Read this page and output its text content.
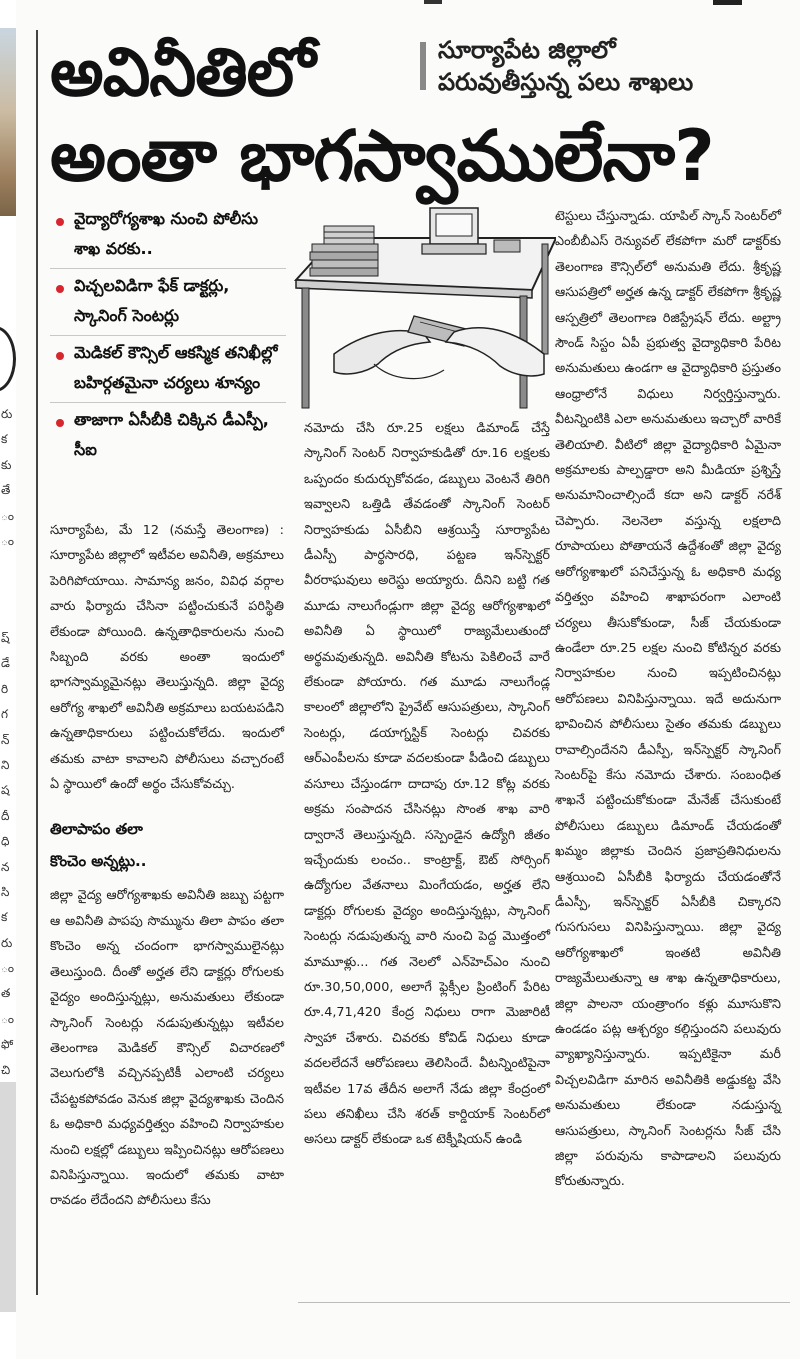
రు
క
కు
తే
ం
ం
ష్
డే
రి
గ
న్
ని
ష
దీ
ధి
న
సి
క
రు
ం
త
ం
ఫో
చి
అవినీతిలో
అంతా భాగస్వాములేనా?
సూర్యాపేట జిల్లాలో
పరువుతీస్తున్న పలు శాఖలు
వైద్యారోగ్యశాఖ నుంచి పోలీసు శాఖ వరకు..
విచ్చలవిడిగా ఫేక్ డాక్టర్లు, స్కానింగ్ సెంటర్లు
మెడికల్ కౌన్సిల్ ఆకస్మిక తనిఖీల్లో బహిర్గతమైనా చర్యలు శూన్యం
తాజాగా ఏసీబీకి చిక్కిన డీఎస్పీ, సీఐ

సూర్యాపేట, మే 12 (నమస్తే తెలంగాణ) : సూర్యాపేట జిల్లాలో ఇటీవల అవినీతి, అక్రమాలు పెరిగిపోయాయి. సామాన్య జనం, వివిధ వర్గాల వారు ఫిర్యాదు చేసినా పట్టించుకునే పరిస్థితి లేకుండా పోయింది. ఉన్నతాధికారులను నుంచి సిబ్బంది వరకు అంతా ఇందులో భాగస్వామ్యమైనట్లు తెలుస్తున్నది. జిల్లా వైద్య ఆరోగ్య శాఖలో అవినీతి అక్రమాలు బయటపడిని ఉన్నతాధికారులు పట్టించుకోలేదు. ఇందులో తమకు వాటా కావాలని పోలీసులు వచ్చారంటే ఏ స్థాయిలో ఉందో అర్థం చేసుకోవచ్చు.

తిలాపాపం తలా
కొంచెం అన్నట్లు..

జిల్లా వైద్య ఆరోగ్యశాఖకు అవినీతి జబ్బు పట్టగా ఆ అవినీతి పాపపు సొమ్మును తిలా పాపం తలా కొంచెం అన్న చందంగా భాగస్వాములైనట్లు తెలుస్తుంది. దీంతో అర్హత లేని డాక్టర్లు రోగులకు వైద్యం అందిస్తున్నట్లు, అనుమతులు లేకుండా స్కానింగ్ సెంటర్లు నడుపుతున్నట్లు ఇటీవల తెలంగాణ మెడికల్ కౌన్సిల్ విచారణలో వెలుగులోకి వచ్చినప్పటికీ ఎలాంటి చర్యలు చేపట్టకపోవడం వెనుక జిల్లా వైద్యశాఖకు చెందిన ఓ అధికారి మధ్యవర్తిత్వం వహించి నిర్వాహకుల నుంచి లక్షల్లో డబ్బులు ఇప్పించినట్లు ఆరోపణలు వినిపిస్తున్నాయి. ఇందులో తమకు వాటా రావడం లేదేందని పోలీసులు కేసు

నమోదు చేసి రూ.25 లక్షలు డిమాండ్ చేస్తే స్కానింగ్ సెంటర్ నిర్వాహకుడితో రూ.16 లక్షలకు ఒప్పందం కుదుర్చుకోవడం, డబ్బులు వెంటనే తిరిగి ఇవ్వాలని ఒత్తిడి తేవడంతో స్కానింగ్ సెంటర్ నిర్వాహకుడు ఏసీబీని ఆశ్రయిస్తే సూర్యాపేట డీఎస్పీ పార్థసారధి, పట్టణ ఇన్‌స్పెక్టర్ వీరరాఘవులు అరెస్టు అయ్యారు. దీనిని బట్టి గత మూడు నాలుగేండ్లుగా జిల్లా వైద్య ఆరోగ్యశాఖలో అవినీతి ఏ స్థాయిలో రాజ్యమేలుతుందో అర్థమవుతున్నది. అవినీతి కోటను పెకిలించే వారే లేకుండా పోయారు. గత మూడు నాలుగేండ్ల కాలంలో జిల్లాలోని ప్రైవేట్ ఆసుపత్రులు, స్కానింగ్ సెంటర్లు, డయాగ్నస్టిక్ సెంటర్లు చివరకు ఆర్‌ఎంపీలను కూడా వదలకుండా పీడించి డబ్బులు వసూలు చేస్తుండగా దాదాపు రూ.12 కోట్ల వరకు అక్రమ సంపాదన చేసినట్లు సొంత శాఖ వారి ద్వారానే తెలుస్తున్నది. సస్పెండైన ఉద్యోగి జీతం ఇచ్చేందుకు లంచం.. కాంట్రాక్ట్, ఔట్ సోర్సింగ్ ఉద్యోగుల వేతనాలు మింగేయడం, అర్హత లేని డాక్టర్లు రోగులకు వైద్యం అందిస్తున్నట్లు, స్కానింగ్ సెంటర్లు నడుపుతున్న వారి నుంచి పెద్ద మొత్తంలో మామూళ్లు... గత నెలలో ఎన్‌హెచ్‌ఎం నుంచి రూ.30,50,000, అలాగే ఫ్లెక్సీల ప్రింటింగ్ పేరిట రూ.4,71,420 కేంద్ర నిధులు రాగా మెజారిటీ స్వాహా చేశారు. చివరకు కోవిడ్ నిధులు కూడా వదలలేదనే ఆరోపణలు తెలిసిందే. వీటన్నింటిపైనా ఇటీవల 17వ తేదీన అలాగే నేడు జిల్లా కేంద్రంలో పలు తనిఖీలు చేసి శరత్ కార్డియాక్ సెంటర్‌లో అసలు డాక్టర్ లేకుండా ఒక టెక్నీషియన్ ఉండి

టెస్టులు చేస్తున్నాడు. యాపిల్ స్కాన్ సెంటర్‌లో ఎంబీబీఎస్ రెన్యువల్ లేకపోగా మరో డాక్టర్‌కు తెలంగాణ కౌన్సిల్‌లో అనుమతి లేదు. శ్రీకృష్ణ ఆసుపత్రిలో అర్హత ఉన్న డాక్టర్ లేకపోగా శ్రీకృష్ణ ఆస్పత్రిలో తెలంగాణ రిజిస్ట్రేషన్ లేదు. అల్ట్రా సౌండ్ సిస్టం ఏపీ ప్రభుత్వ వైద్యాధికారి పేరిట అనుమతులు ఉండగా ఆ వైద్యాధికారి ప్రస్తుతం ఆంధ్రాలోనే విధులు నిర్వర్తిస్తున్నారు. వీటన్నింటికి ఎలా అనుమతులు ఇచ్చారో వారికే తెలియాలి. వీటిలో జిల్లా వైద్యాధికారి ఏమైనా అక్రమాలకు పాల్పడ్డారా అని మీడియా ప్రశ్నిస్తే అనుమానించాల్సిందే కదా అని డాక్టర్ నరేశ్ చెప్పారు. నెలనెలా వస్తున్న లక్షలాది రూపాయలు పోతాయనే ఉద్దేశంతో జిల్లా వైద్య ఆరోగ్యశాఖలో పనిచేస్తున్న ఓ అధికారి మధ్య వర్తిత్వం వహించి శాఖాపరంగా ఎలాంటి చర్యలు తీసుకోకుండా, సీజ్ చేయకుండా ఉండేలా రూ.25 లక్షల నుంచి కోటిన్నర వరకు నిర్వాహకుల నుంచి ఇప్పటించినట్లు ఆరోపణలు వినిపిస్తున్నాయి. ఇదే అదునుగా భావించిన పోలీసులు సైతం తమకు డబ్బులు రావాల్సిందేనని డీఎస్పీ, ఇన్‌స్పెక్టర్ స్కానింగ్ సెంటర్‌పై కేసు నమోదు చేశారు. సంబంధిత శాఖనే పట్టించుకోకుండా మేనేజ్ చేసుకుంటే పోలీసులు డబ్బులు డిమాండ్ చేయడంతో ఖమ్మం జిల్లాకు చెందిన ప్రజాప్రతినిధులను ఆశ్రయించి ఏసీబీకి ఫిర్యాదు చేయడంతోనే డీఎస్పీ, ఇన్‌స్పెక్టర్ ఏసీబీకి చిక్కారని గుసగుసలు వినిపిస్తున్నాయి. జిల్లా వైద్య ఆరోగ్యశాఖలో ఇంతటి అవినీతి రాజ్యమేలుతున్నా ఆ శాఖ ఉన్నతాధికారులు, జిల్లా పాలనా యంత్రాంగం కళ్లు మూసుకొని ఉండడం పట్ల ఆశ్చర్యం కల్గిస్తుందని పలువురు వ్యాఖ్యానిస్తున్నారు. ఇప్పటికైనా మరీ విచ్చలవిడిగా మారిన అవినీతికి అడ్డుకట్ట వేసి అనుమతులు లేకుండా నడుస్తున్న ఆసుపత్రులు, స్కానింగ్ సెంటర్లను సీజ్ చేసి జిల్లా పరువును కాపాడాలని పలువురు కోరుతున్నారు.
